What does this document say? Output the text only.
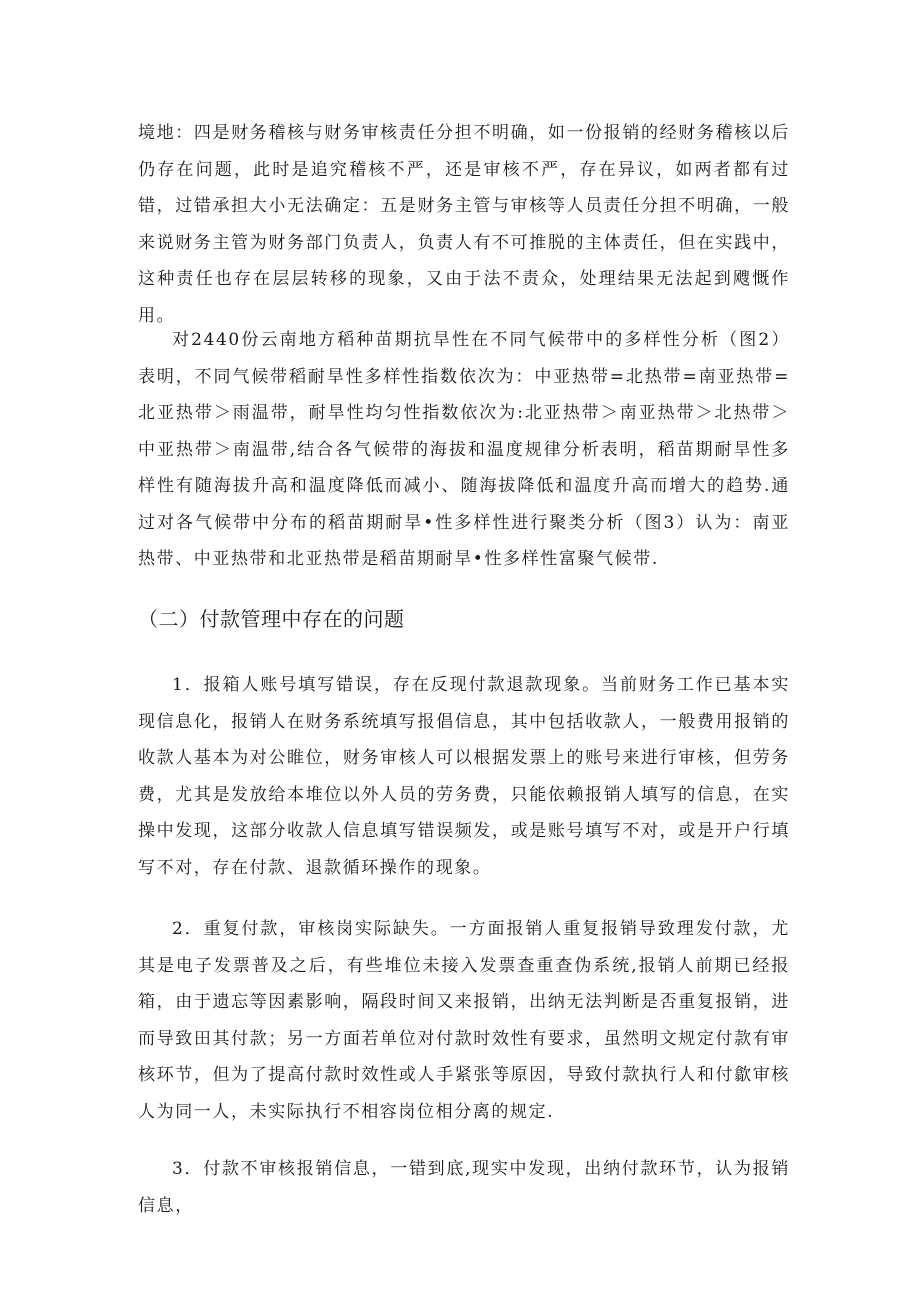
境地：四是财务稽核与财务审核责任分担不明确，如一份报销的经财务稽核以后仍存在问题，此时是追究稽核不严，还是审核不严，存在异议，如两者都有过错，过错承担大小无法确定：五是财务主管与审核等人员责任分担不明确，一般来说财务主管为财务部门负责人，负责人有不可推脱的主体责任，但在实践中，这种责任也存在层层转移的现象，又由于法不责众，处理结果无法起到飕慨作用。

对2440份云南地方稻种苗期抗旱性在不同气候带中的多样性分析（图2）表明，不同气候带稻耐旱性多样性指数依次为：中亚热带=北热带=南亚热带=北亚热带＞雨温带，耐旱性均匀性指数依次为:北亚热带＞南亚热带＞北热带＞中亚热带＞南温带,结合各气候带的海拔和温度规律分析表明，稻苗期耐旱性多样性有随海拔升高和温度降低而减小、随海拔降低和温度升高而增大的趋势.通过对各气候带中分布的稻苗期耐旱•性多样性进行聚类分析（图3）认为：南亚热带、中亚热带和北亚热带是稻苗期耐旱•性多样性富聚气候带.

（二）付款管理中存在的问题

1．报箱人账号填写错误，存在反现付款退款现象。当前财务工作已基本实现信息化，报销人在财务系统填写报倡信息，其中包括收款人，一般费用报销的收款人基本为对公睢位，财务审核人可以根据发票上的账号来进行审核，但劳务费，尤其是发放给本堆位以外人员的劳务费，只能依赖报销人填写的信息，在实操中发现，这部分收款人信息填写错误频发，或是账号填写不对，或是开户行填写不对，存在付款、退款循环操作的现象。

2．重复付款，审核岗实际缺失。一方面报销人重复报销导致理发付款，尤其是电子发票普及之后，有些堆位未接入发票查重查伪系统,报销人前期已经报箱，由于遗忘等因素影响，隔段时间又来报销，出纳无法判断是否重复报销，进而导致田其付款；另一方面若单位对付款时效性有要求，虽然明文规定付款有审核环节，但为了提高付款时效性或人手紧张等原因，导致付款执行人和付歙审核人为同一人，未实际执行不相容岗位相分离的规定.

3．付款不审核报销信息，一错到底,现实中发现，出纳付款环节，认为报销信息，
